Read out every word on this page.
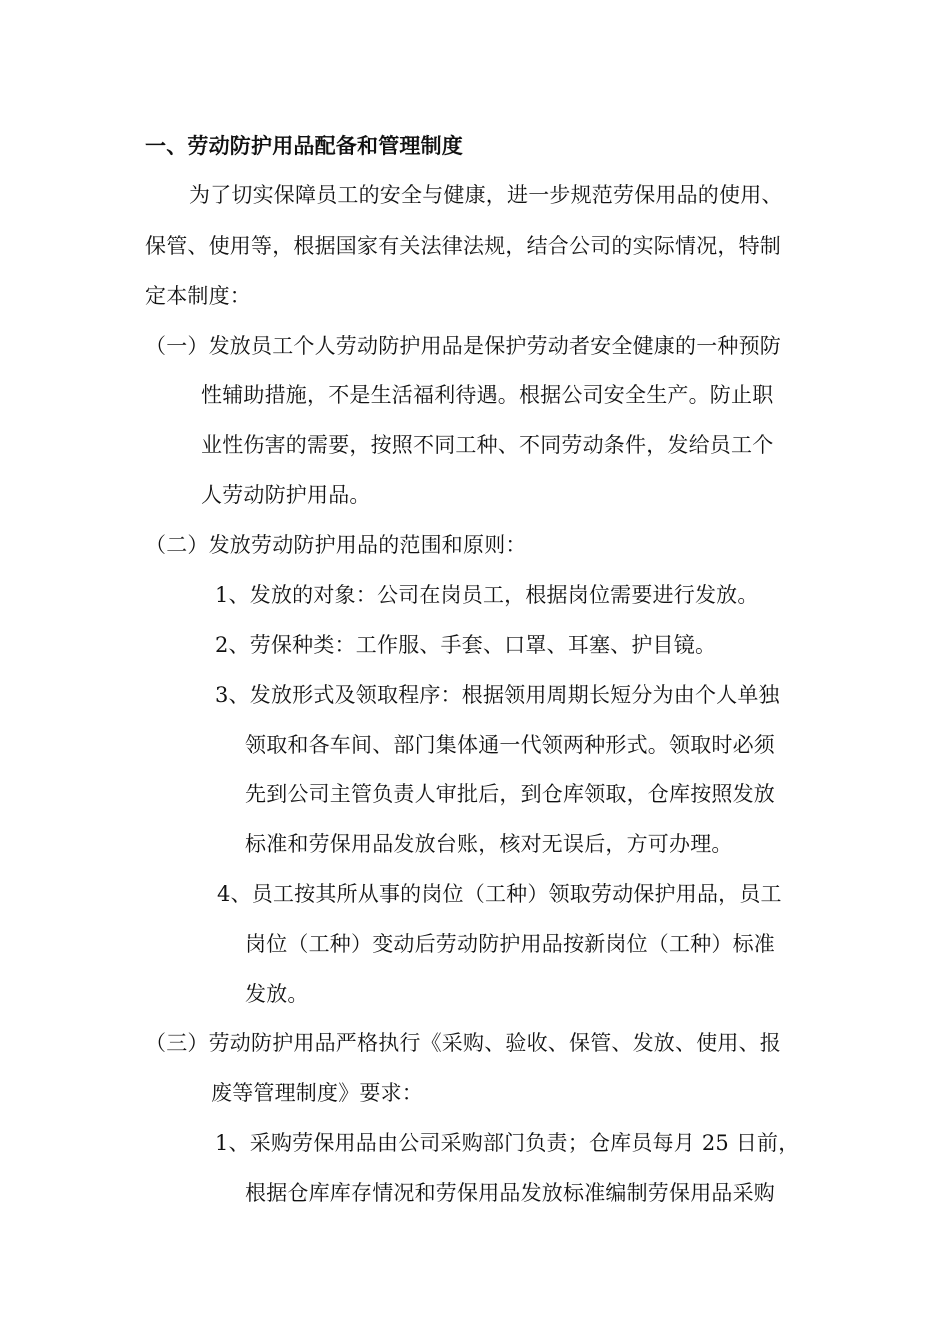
一、劳动防护用品配备和管理制度
为了切实保障员工的安全与健康，进一步规范劳保用品的使用、
保管、使用等，根据国家有关法律法规，结合公司的实际情况，特制
定本制度：
（一）发放员工个人劳动防护用品是保护劳动者安全健康的一种预防
性辅助措施，不是生活福利待遇。根据公司安全生产。防止职
业性伤害的需要，按照不同工种、不同劳动条件，发给员工个
人劳动防护用品。
（二）发放劳动防护用品的范围和原则：
1、发放的对象：公司在岗员工，根据岗位需要进行发放。
2、劳保种类：工作服、手套、口罩、耳塞、护目镜。
3、发放形式及领取程序：根据领用周期长短分为由个人单独
领取和各车间、部门集体通一代领两种形式。领取时必须
先到公司主管负责人审批后，到仓库领取，仓库按照发放
标准和劳保用品发放台账，核对无误后，方可办理。
4、员工按其所从事的岗位（工种）领取劳动保护用品，员工
岗位（工种）变动后劳动防护用品按新岗位（工种）标准
发放。
（三）劳动防护用品严格执行《采购、验收、保管、发放、使用、报
废等管理制度》要求：
1、采购劳保用品由公司采购部门负责；仓库员每月 25 日前，
根据仓库库存情况和劳保用品发放标准编制劳保用品采购
